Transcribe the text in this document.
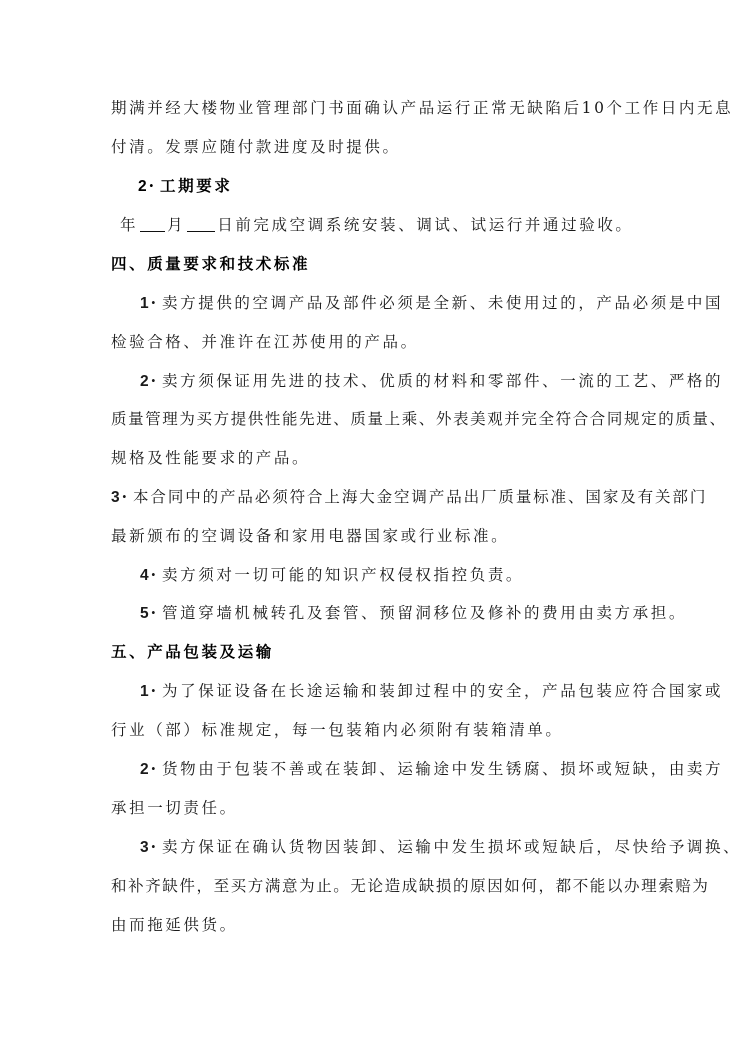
期满并经大楼物业管理部门书面确认产品运行正常无缺陷后10个工作日内无息
付清。发票应随付款进度及时提供。
2 · 工期要求
年 月 日前完成空调系统安装、调试、试运行并通过验收。
四、质量要求和技术标准
1 · 卖方提供的空调产品及部件必须是全新、未使用过的，产品必须是中国
检验合格、并准许在江苏使用的产品。
2 · 卖方须保证用先进的技术、优质的材料和零部件、一流的工艺、严格的
质量管理为买方提供性能先进、质量上乘、外表美观并完全符合合同规定的质量、
规格及性能要求的产品。
3 · 本合同中的产品必须符合上海大金空调产品出厂质量标准、国家及有关部门
最新颁布的空调设备和家用电器国家或行业标准。
4 · 卖方须对一切可能的知识产权侵权指控负责。
5 · 管道穿墙机械转孔及套管、预留洞移位及修补的费用由卖方承担。
五、产品包装及运输
1 · 为了保证设备在长途运输和装卸过程中的安全，产品包装应符合国家或
行业（部）标准规定，每一包装箱内必须附有装箱清单。
2 · 货物由于包装不善或在装卸、运输途中发生锈腐、损坏或短缺，由卖方
承担一切责任。
3 · 卖方保证在确认货物因装卸、运输中发生损坏或短缺后，尽快给予调换、
和补齐缺件，至买方满意为止。无论造成缺损的原因如何，都不能以办理索赔为
由而拖延供货。
